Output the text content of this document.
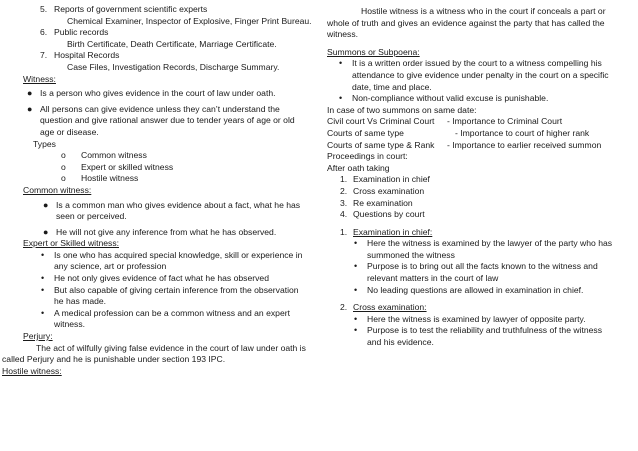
5. Reports of government scientific experts
Chemical Examiner, Inspector of Explosive, Finger Print Bureau.
6. Public records
Birth Certificate, Death Certificate, Marriage Certificate.
7. Hospital Records
Case Files, Investigation Records, Discharge Summary.
Witness:
● Is a person who gives evidence in the court of law under oath.
● All persons can give evidence unless they can’t understand the question and give rational answer due to tender years of age or old age or disease.
Types
o Common witness
o Expert or skilled witness
o Hostile witness
Common witness:
● Is a common man who gives evidence about a fact, what he has seen or perceived.
● He will not give any inference from what he has observed.
Expert or Skilled witness:
•	Is one who has acquired special knowledge, skill or experience in any science, art or profession
•	He not only gives evidence of fact what he has observed
•	But also capable of giving certain inference from the observation he has made.
•	A medical profession can be a common witness and an expert witness.
Perjury:
The act of wilfully giving false evidence in the court of law under oath is called Perjury and he is punishable under section 193 IPC.
Hostile witness:
Hostile witness is a witness who in the court if conceals a part or whole of truth and gives an evidence against the party that has called the witness.
Summons or Subpoena:
•	It is a written order issued by the court to a witness compelling his attendance to give evidence under penalty in the court on a specific date, time and place.
•	Non-compliance without valid excuse is punishable.
In case of two summons on same date:
Civil court Vs Criminal Court - Importance to Criminal Court
Courts of same type	- Importance to court of higher rank
Courts of same type & Rank - Importance to earlier received summon
Proceedings in court:
After oath taking
1. Examination in chief
2. Cross examination
3. Re examination
4. Questions by court
1. Examination in chief:
•	Here the witness is examined by the lawyer of the party who has summoned the witness
•	Purpose is to bring out all the facts known to the witness and relevant matters in the court of law
•	No leading questions are allowed in examination in chief.
2. Cross examination:
•	Here the witness is examined by lawyer of opposite party.
•	Purpose is to test the reliability and truthfulness of the witness and his evidence.
